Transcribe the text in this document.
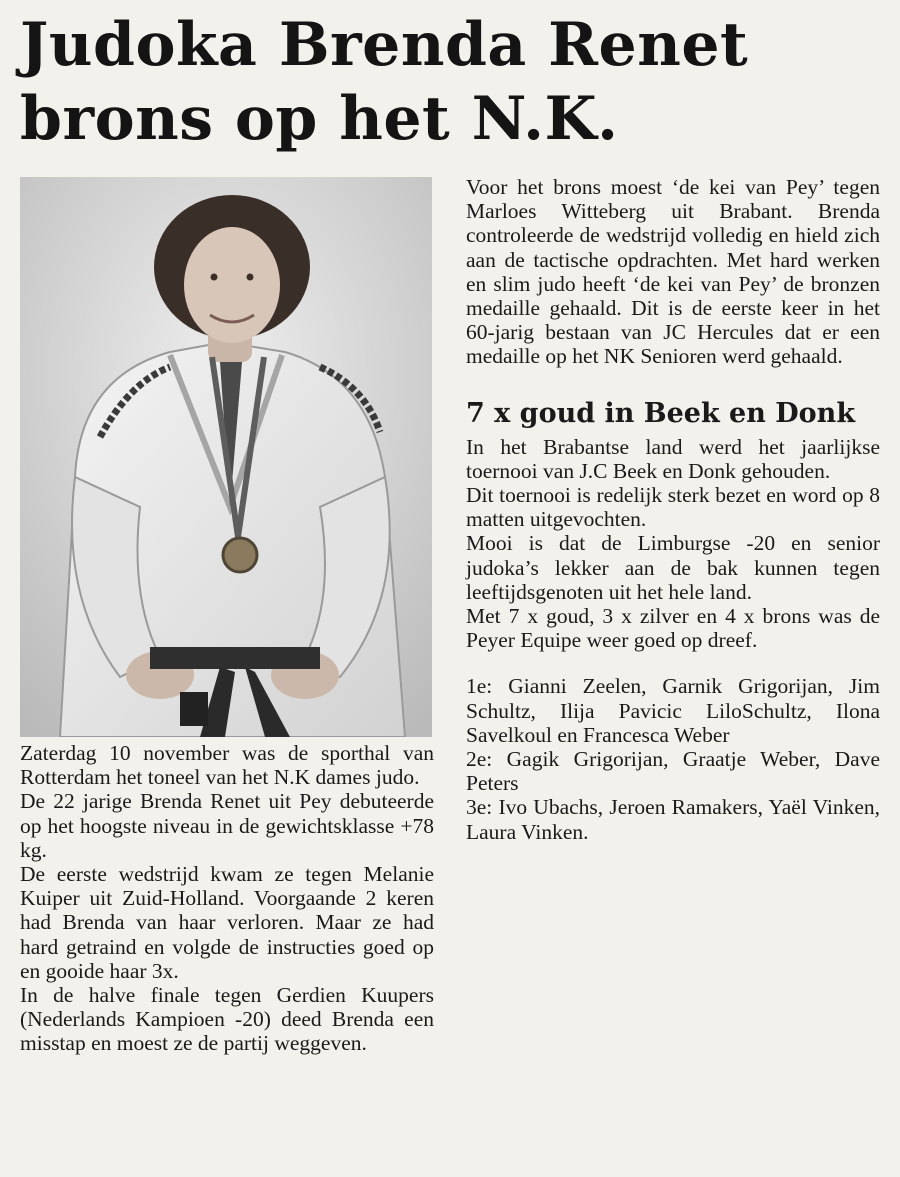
Judoka Brenda Renet brons op het N.K.

Zaterdag 10 november was de sporthal van Rotterdam het toneel van het N.K dames judo.

De 22 jarige Brenda Renet uit Pey debuteerde op het hoogste niveau in de gewichtsklasse +78 kg.

De eerste wedstrijd kwam ze tegen Melanie Kuiper uit Zuid-Holland. Voorgaande 2 keren had Brenda van haar verloren. Maar ze had hard getraind en volgde de instructies goed op en gooide haar 3x.

In de halve finale tegen Gerdien Kuupers (Nederlands Kampioen -20) deed Brenda een misstap en moest ze de partij weggeven.

Voor het brons moest ‘de kei van Pey’ tegen Marloes Witteberg uit Brabant. Brenda controleerde de wedstrijd volledig en hield zich aan de tactische opdrachten. Met hard werken en slim judo heeft ‘de kei van Pey’ de bronzen medaille gehaald. Dit is de eerste keer in het 60-jarig bestaan van JC Hercules dat er een medaille op het NK Senioren werd gehaald.

7 x goud in Beek en Donk

In het Brabantse land werd het jaarlijkse toernooi van J.C Beek en Donk gehouden.

Dit toernooi is redelijk sterk bezet en word op 8 matten uitgevochten.

Mooi is dat de Limburgse -20 en senior judoka’s lekker aan de bak kunnen tegen leeftijdsgenoten uit het hele land.

Met 7 x goud, 3 x zilver en 4 x brons was de Peyer Equipe weer goed op dreef.

1e: Gianni Zeelen, Garnik Grigorijan, Jim Schultz, Ilija Pavicic LiloSchultz, Ilona Savelkoul en Francesca Weber

2e: Gagik Grigorijan, Graatje Weber, Dave Peters

3e: Ivo Ubachs, Jeroen Ramakers, Yaël Vinken, Laura Vinken.
